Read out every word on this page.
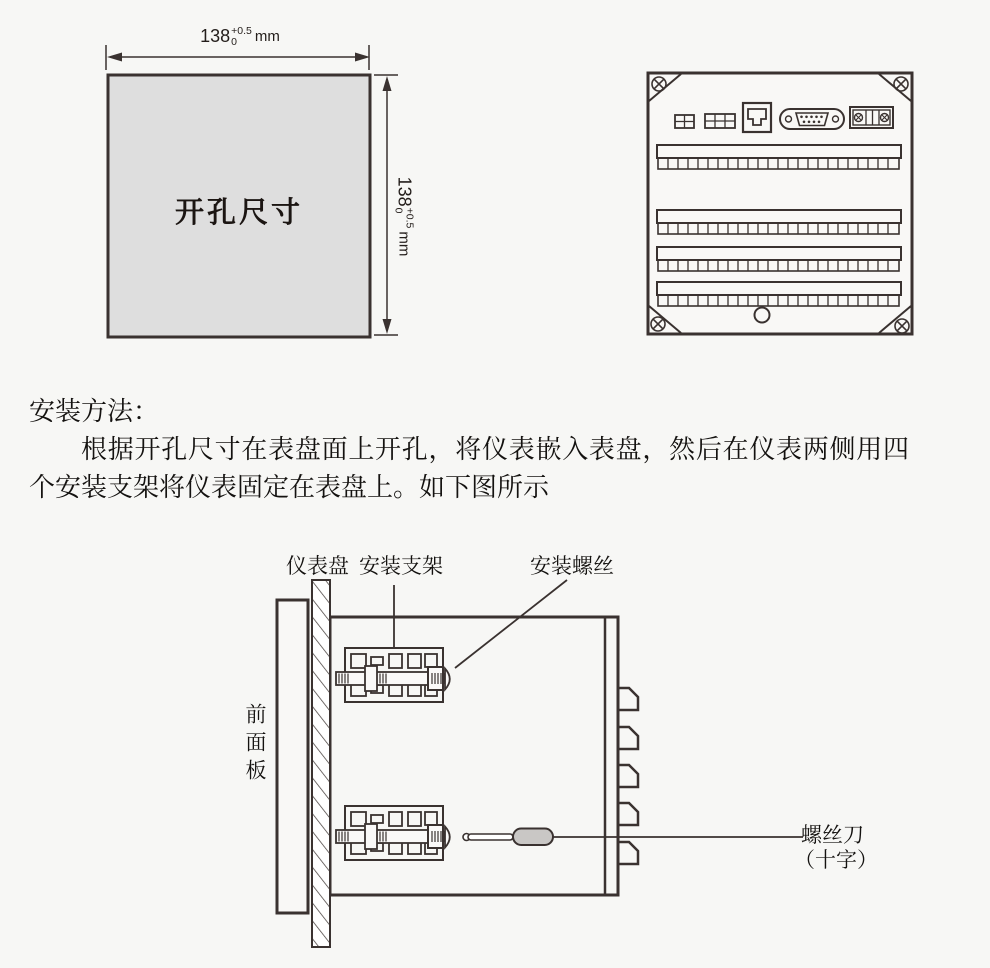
138 +0.5
0 mm
138
+0.5
0
mm
开孔尺寸
安装方法：

根据开孔尺寸在表盘面上开孔，将仪表嵌入表盘，然后在仪表两侧用四个安装支架将仪表固定在表盘上。如下图所示

仪表盘 安装支架	安装螺丝
前面板
螺丝刀
（十字）
